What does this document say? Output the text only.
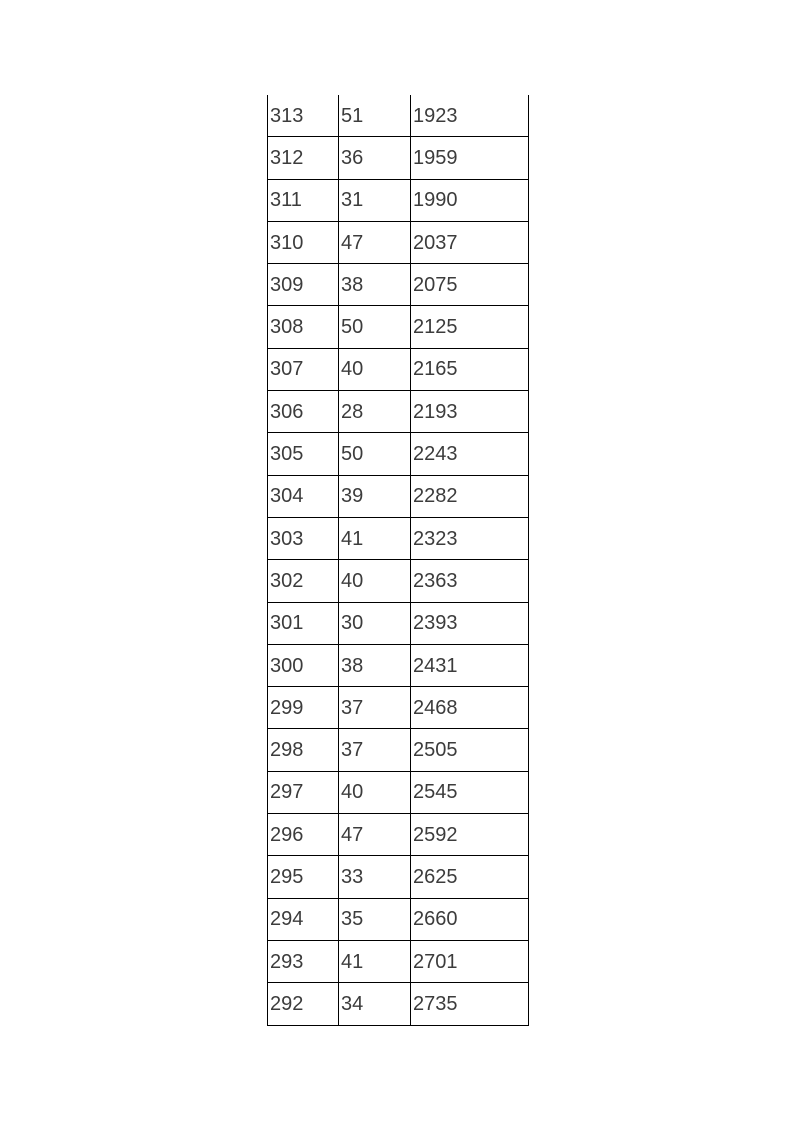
313	51	1923
312	36	1959
311	31	1990
310	47	2037
309	38	2075
308	50	2125
307	40	2165
306	28	2193
305	50	2243
304	39	2282
303	41	2323
302	40	2363
301	30	2393
300	38	2431
299	37	2468
298	37	2505
297	40	2545
296	47	2592
295	33	2625
294	35	2660
293	41	2701
292	34	2735
